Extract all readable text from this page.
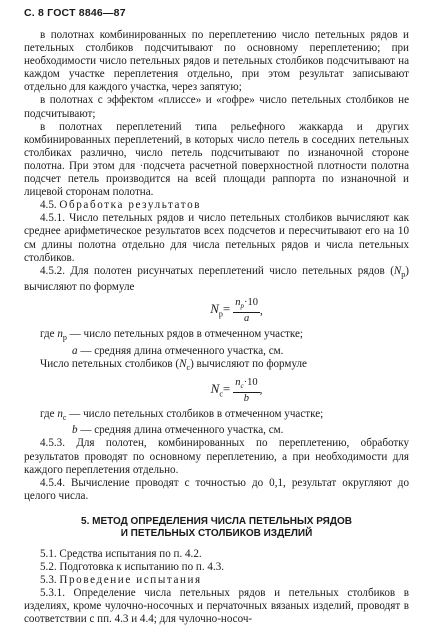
С. 8 ГОСТ 8846—87

в полотнах комбинированных по переплетению число петельных рядов и петельных столбиков подсчитывают по основному переплетению; при необходимости число петельных рядов и петельных столбиков подсчитывают на каждом участке переплетения отдельно, при этом результат записывают отдельно для каждого участка, через запятую;

в полотнах с эффектом «плиссе» и «гофре» число петельных столбиков не подсчитывают;

в полотнах переплетений типа рельефного жаккарда и других комбинированных переплетений, в которых число петель в соседних петельных столбиках различно, число петель подсчитывают по изнаночной стороне полотна. При этом для ·подсчета расчетной поверхностной плотности полотна подсчет петель производится на всей площади раппорта по изнаночной и лицевой сторонам полотна.

4.5. Обработка результатов

4.5.1. Число петельных рядов и число петельных столбиков вычисляют как среднее арифметическое результатов всех подсчетов и пересчитывают его на 10 см длины полотна отдельно для числа петельных рядов и числа петельных столбиков.

4.5.2. Для полотен рисунчатых переплетений число петельных рядов $(N_р)$ вычисляют по формуле

$N_р= \frac{n_р\cdot 10}{a}$ ,

где $n_р$ — число петельных рядов в отмеченном участке;

a — средняя длина отмеченного участка, см.

Число петельных столбиков $(N_с)$ вычисляют по формуле

$N_с= \frac{n_с\cdot 10}{b}$ ,

где $n_с$ — число петельных столбиков в отмеченном участке;

b — средняя длина отмеченного участка, см.

4.5.3. Для полотен, комбинированных по переплетению, обработку результатов проводят по основному переплетению, а при необходимости для каждого переплетения отдельно.

4.5.4. Вычисление проводят с точностью до 0,1, результат округляют до целого числа.

5. МЕТОД ОПРЕДЕЛЕНИЯ ЧИСЛА ПЕТЕЛЬНЫХ РЯДОВ
И ПЕТЕЛЬНЫХ СТОЛБИКОВ ИЗДЕЛИЙ

5.1. Средства испытания по п. 4.2.

5.2. Подготовка к испытанию по п. 4.3.

5.3. Проведение испытания

5.3.1. Определение числа петельных рядов и петельных столбиков в изделиях, кроме чулочно-носочных и перчаточных вязаных изделий, проводят в соответствии с пп. 4.3 и 4.4; для чулочно-носоч-
